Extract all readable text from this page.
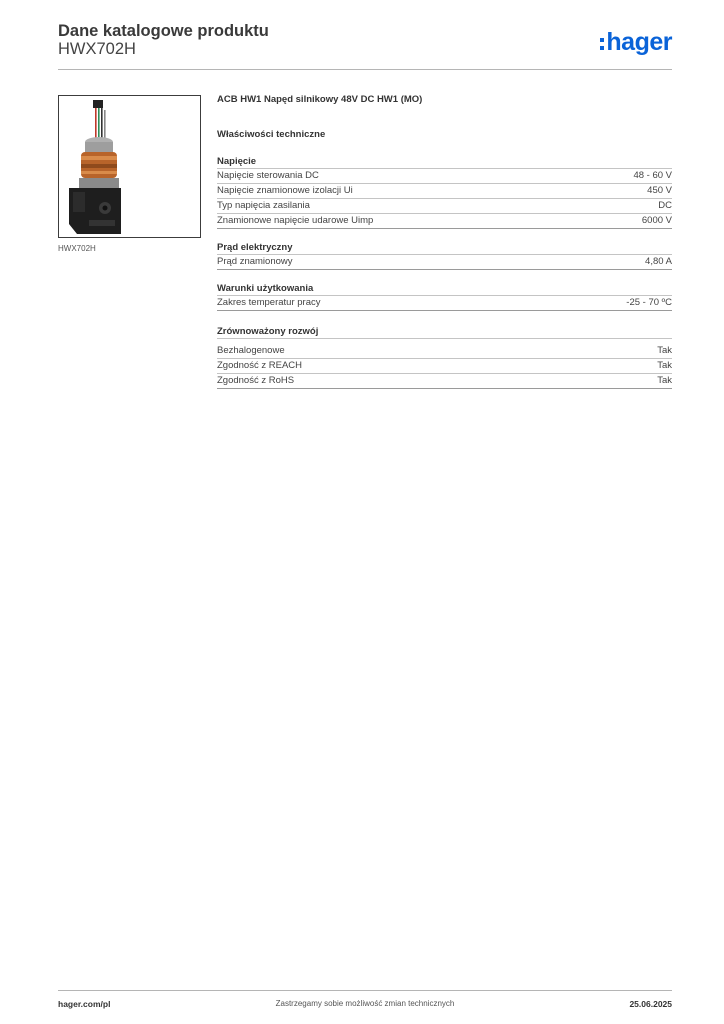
Dane katalogowe produktu
HWX702H	hager
HWX702H
ACB HW1 Napęd silnikowy 48V DC HW1 (MO)
Właściwości techniczne
Napięcie
Napięcie sterowania DC	48 - 60 V
Napięcie znamionowe izolacji Ui	450 V
Typ napięcia zasilania	DC
Znamionowe napięcie udarowe Uimp	6000 V
Prąd elektryczny
Prąd znamionowy	4,80 A
Warunki użytkowania
Zakres temperatur pracy	-25 - 70 ºC
Zrównoważony rozwój
Bezhalogenowe	Tak
Zgodność z REACH	Tak
Zgodność z RoHS	Tak
hager.com/pl	Zastrzegamy sobie możliwość zmian technicznych	25.06.2025
